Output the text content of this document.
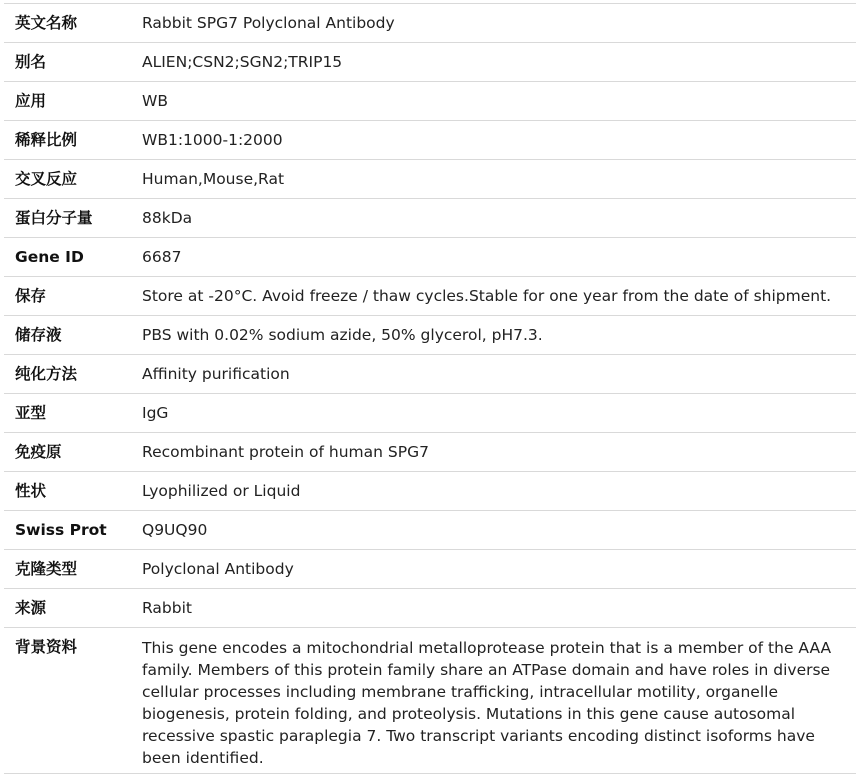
英文名称	Rabbit SPG7 Polyclonal Antibody
别名	ALIEN;CSN2;SGN2;TRIP15
应用	WB
稀释比例	WB1:1000-1:2000
交叉反应	Human,Mouse,Rat
蛋白分子量	88kDa
Gene ID	6687
保存	Store at -20°C. Avoid freeze / thaw cycles.Stable for one year from the date of shipment.
储存液	PBS with 0.02% sodium azide, 50% glycerol, pH7.3.
纯化方法	Affinity purification
亚型	IgG
免疫原	Recombinant protein of human SPG7
性状	Lyophilized or Liquid
Swiss Prot	Q9UQ90
克隆类型	Polyclonal Antibody
来源	Rabbit
背景资料	This gene encodes a mitochondrial metalloprotease protein that is a member of the AAA family. Members of this protein family share an ATPase domain and have roles in diverse cellular processes including membrane trafficking, intracellular motility, organelle biogenesis, protein folding, and proteolysis. Mutations in this gene cause autosomal recessive spastic paraplegia 7. Two transcript variants encoding distinct isoforms have been identified.
